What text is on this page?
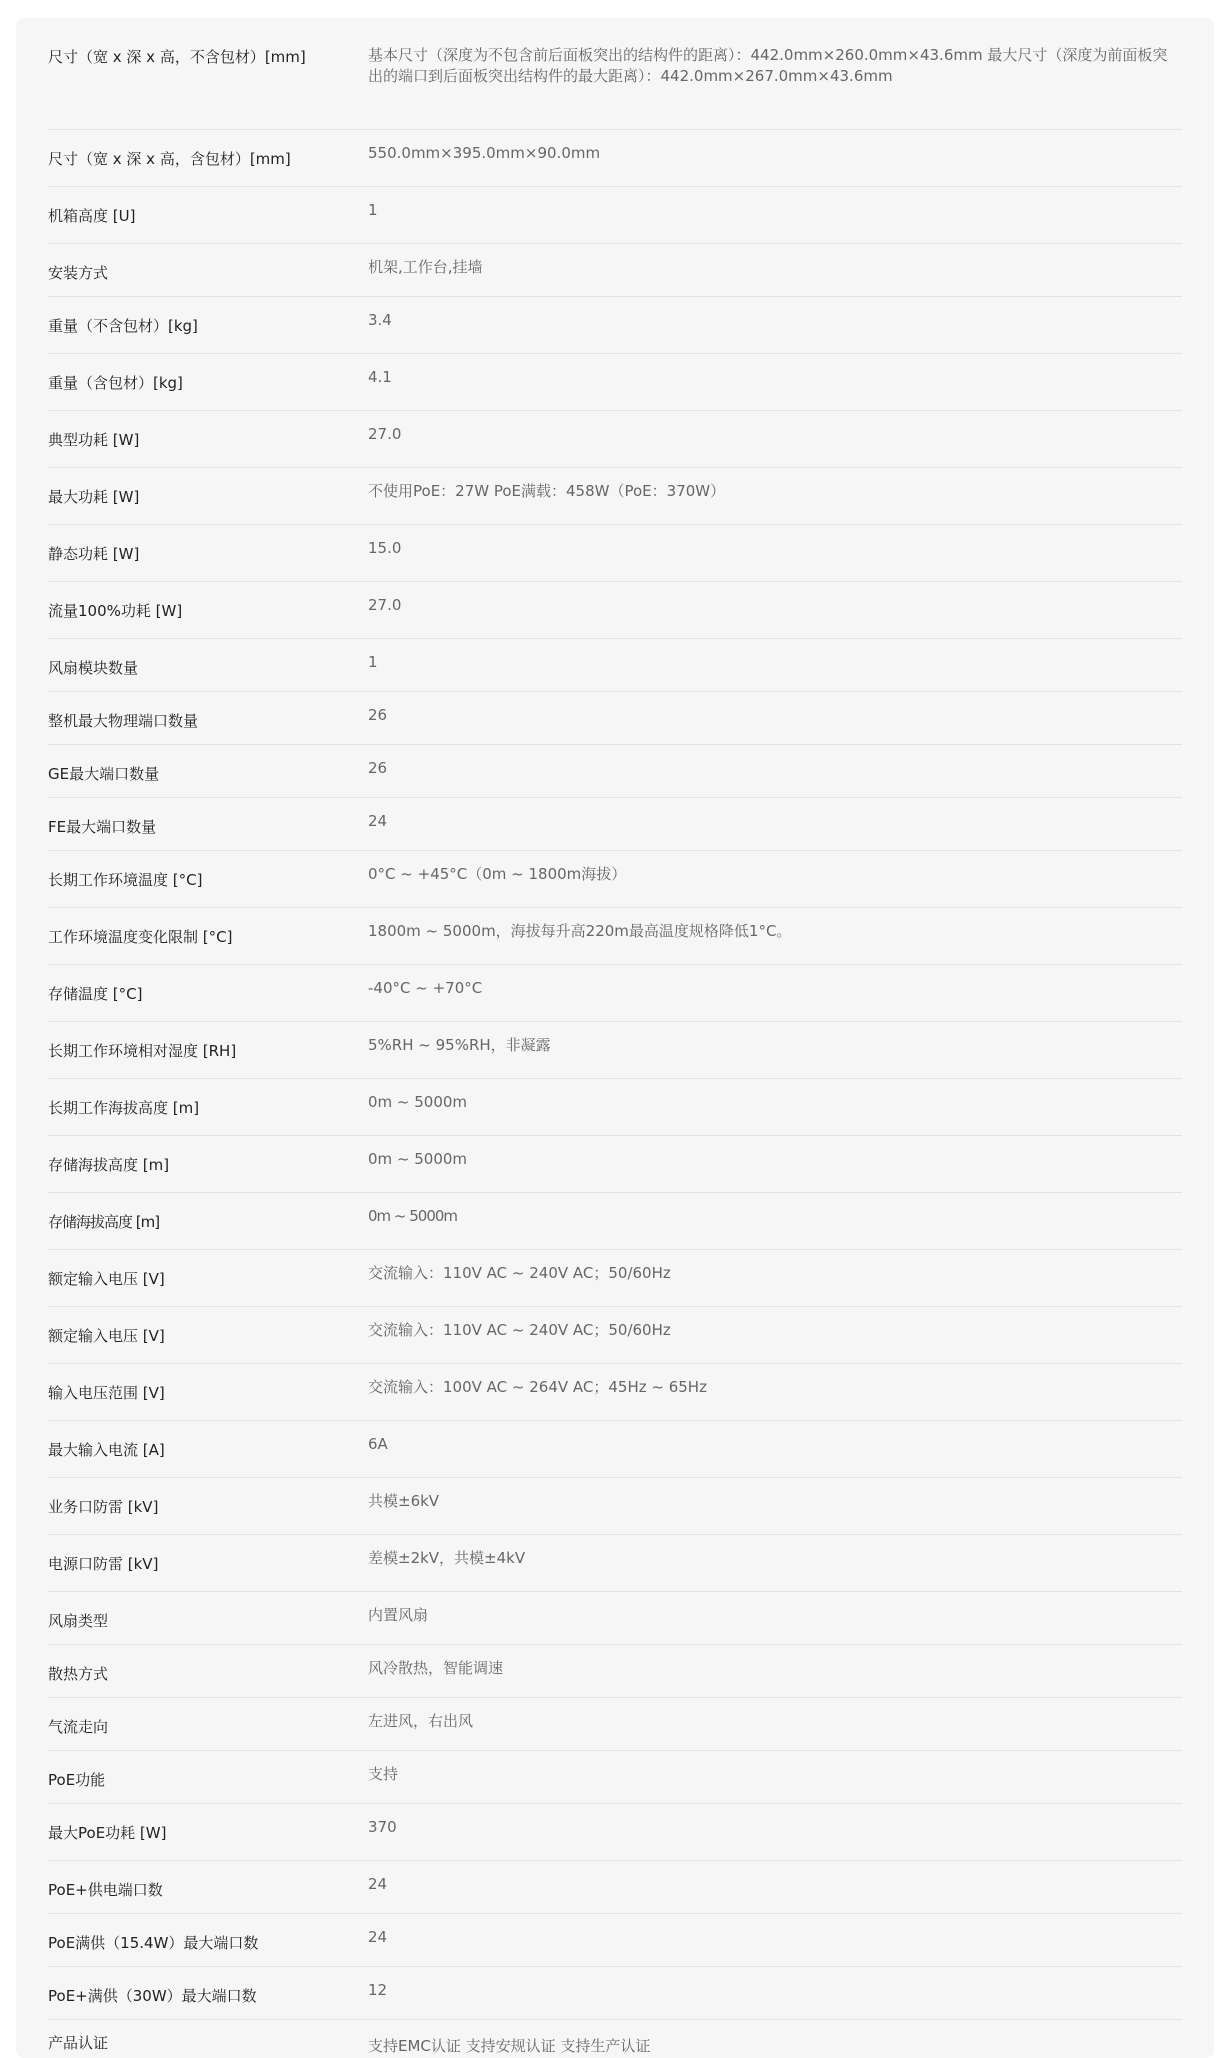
尺寸（宽 x 深 x 高，不含包材）[mm]	基本尺寸（深度为不包含前后面板突出的结构件的距离）：442.0mm×260.0mm×43.6mm 最大尺寸（深度为前面板突出的端口到后面板突出结构件的最大距离）：442.0mm×267.0mm×43.6mm
尺寸（宽 x 深 x 高，含包材）[mm]	550.0mm×395.0mm×90.0mm
机箱高度 [U]	1
安装方式	机架,工作台,挂墙
重量（不含包材）[kg]	3.4
重量（含包材）[kg]	4.1
典型功耗 [W]	27.0
最大功耗 [W]	不使用PoE：27W PoE满载：458W（PoE：370W）
静态功耗 [W]	15.0
流量100%功耗 [W]	27.0
风扇模块数量	1
整机最大物理端口数量	26
GE最大端口数量	26
FE最大端口数量	24
长期工作环境温度 [°C]	0°C ~ +45°C（0m ~ 1800m海拔）
工作环境温度变化限制 [°C]	1800m ~ 5000m，海拔每升高220m最高温度规格降低1°C。
存储温度 [°C]	-40°C ~ +70°C
长期工作环境相对湿度 [RH]	5%RH ~ 95%RH，非凝露
长期工作海拔高度 [m]	0m ~ 5000m
存储海拔高度 [m]	0m ~ 5000m
存储海拔高度 [m]	0m ~ 5000m
额定输入电压 [V]	交流输入：110V AC ~ 240V AC；50/60Hz
额定输入电压 [V]	交流输入：110V AC ~ 240V AC；50/60Hz
输入电压范围 [V]	交流输入：100V AC ~ 264V AC；45Hz ~ 65Hz
最大输入电流 [A]	6A
业务口防雷 [kV]	共模±6kV
电源口防雷 [kV]	差模±2kV，共模±4kV
风扇类型	内置风扇
散热方式	风冷散热，智能调速
气流走向	左进风，右出风
PoE功能	支持
最大PoE功耗 [W]	370
PoE+供电端口数	24
PoE满供（15.4W）最大端口数	24
PoE+满供（30W）最大端口数	12
产品认证	支持EMC认证 支持安规认证 支持生产认证
